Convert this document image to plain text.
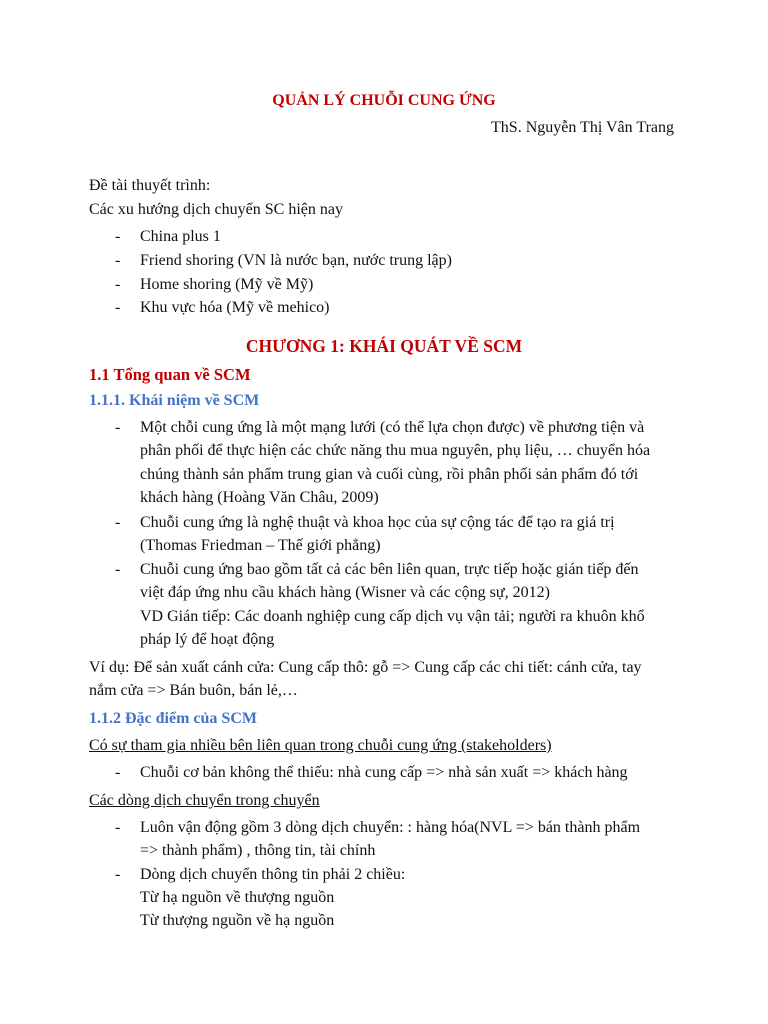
QUẢN LÝ CHUỖI CUNG ỨNG
ThS. Nguyễn Thị Vân Trang
Đề tài thuyết trình:
Các xu hướng dịch chuyển SC hiện nay
- China plus 1
- Friend shoring (VN là nước bạn, nước trung lập)
- Home shoring (Mỹ về Mỹ)
- Khu vực hóa (Mỹ về mehico)
CHƯƠNG 1: KHÁI QUÁT VỀ SCM
1.1 Tổng quan về SCM
1.1.1. Khái niệm về SCM
- Một chỗi cung ứng là một mạng lưới (có thể lựa chọn được) về phương tiện và
phân phối để thực hiện các chức năng thu mua nguyên, phụ liệu, … chuyển hóa
chúng thành sản phẩm trung gian và cuối cùng, rồi phân phối sản phẩm đó tới
khách hàng (Hoàng Văn Châu, 2009)
- Chuỗi cung ứng là nghệ thuật và khoa học của sự cộng tác để tạo ra giá trị
(Thomas Friedman – Thế giới phẳng)
- Chuỗi cung ứng bao gồm tất cả các bên liên quan, trực tiếp hoặc gián tiếp đến
việt đáp ứng nhu cầu khách hàng (Wisner và các cộng sự, 2012)
VD Gián tiếp: Các doanh nghiệp cung cấp dịch vụ vận tải; người ra khuôn khổ
pháp lý để hoạt động
Ví dụ: Để sản xuất cánh cửa: Cung cấp thô: gỗ => Cung cấp các chi tiết: cánh cửa, tay
nắm cửa => Bán buôn, bán lẻ,…
1.1.2 Đặc điểm của SCM
Có sự tham gia nhiều bên liên quan trong chuỗi cung ứng (stakeholders)
- Chuỗi cơ bản không thể thiếu: nhà cung cấp => nhà sản xuất => khách hàng
Các dòng dịch chuyển trong chuyển
- Luôn vận động gồm 3 dòng dịch chuyển: : hàng hóa(NVL => bán thành phẩm
=> thành phẩm) , thông tin, tài chính
- Dòng dịch chuyển thông tin phải 2 chiều:
Từ hạ nguồn về thượng nguồn
Từ thượng nguồn về hạ nguồn
